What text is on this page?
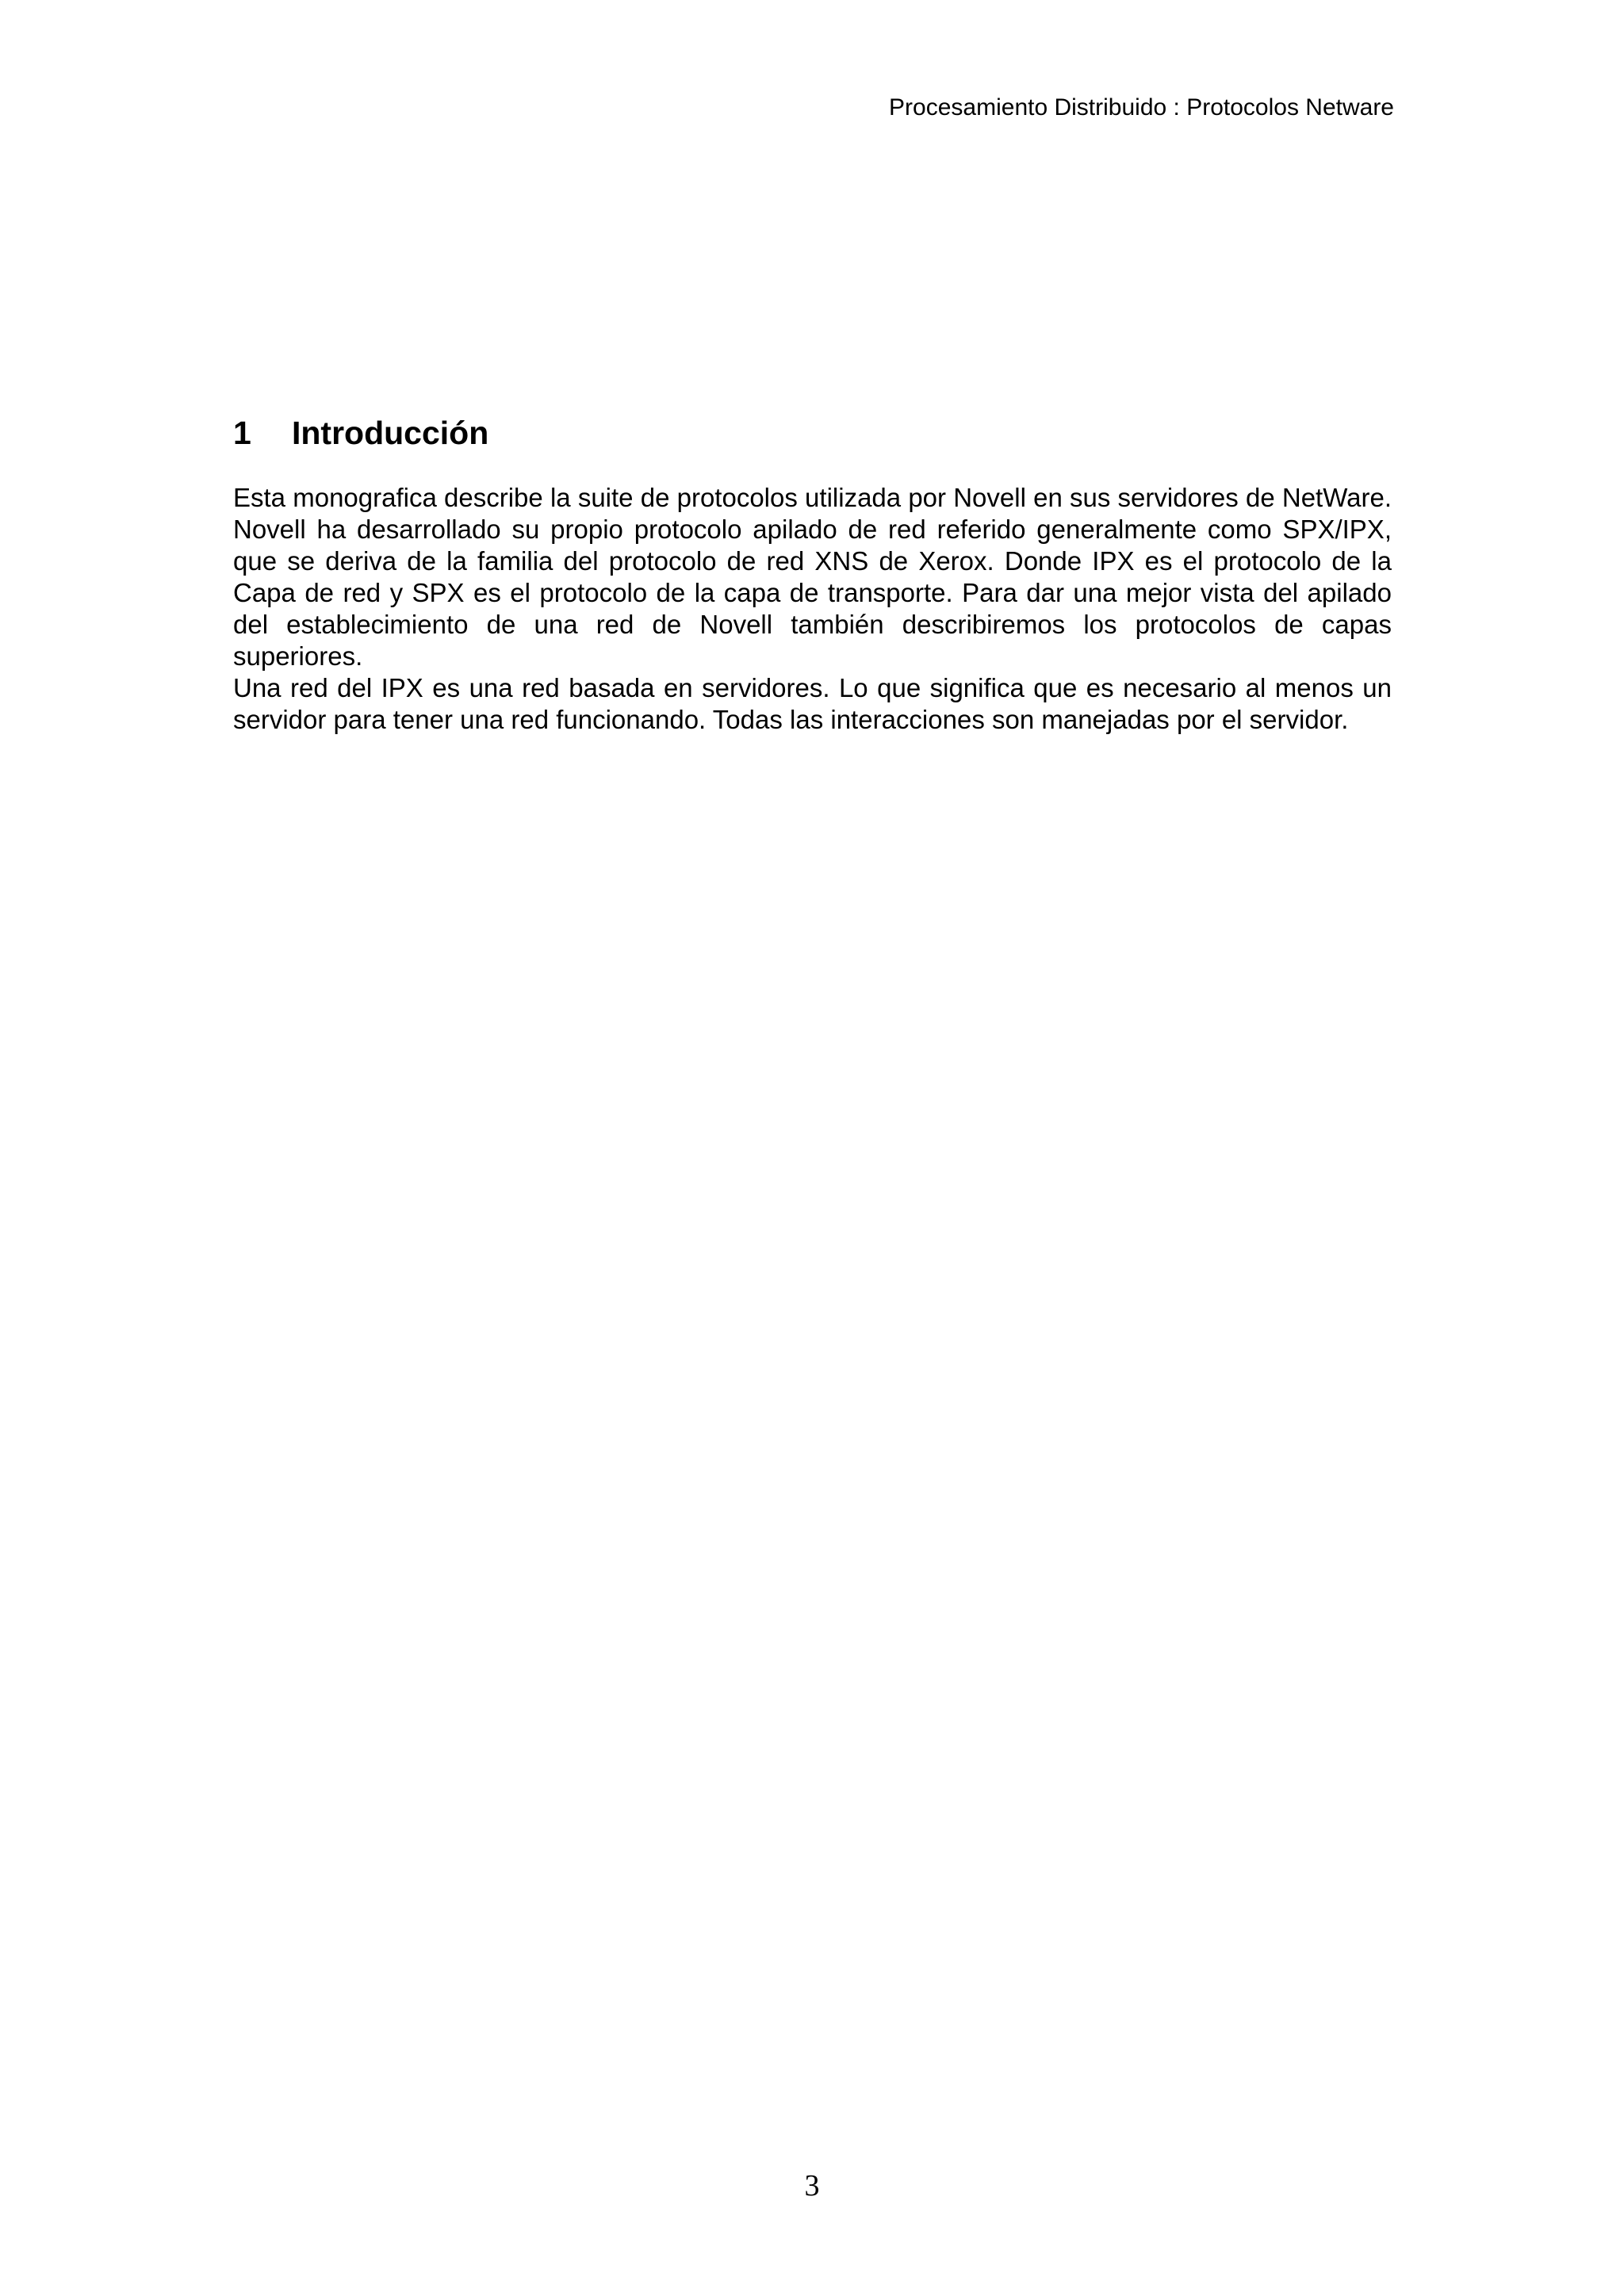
Procesamiento Distribuido : Protocolos Netware
1 Introducción

Esta monografica describe la suite de protocolos utilizada por Novell en sus servidores de NetWare. Novell ha desarrollado su propio protocolo apilado de red referido generalmente como SPX/IPX, que se deriva de la familia del protocolo de red XNS de Xerox. Donde IPX es el protocolo de la Capa de red y SPX es el protocolo de la capa de transporte. Para dar una mejor vista del apilado del establecimiento de una red de Novell también describiremos los protocolos de capas superiores.

Una red del IPX es una red basada en servidores. Lo que significa que es necesario al menos un servidor para tener una red funcionando. Todas las interacciones son manejadas por el servidor.

3
